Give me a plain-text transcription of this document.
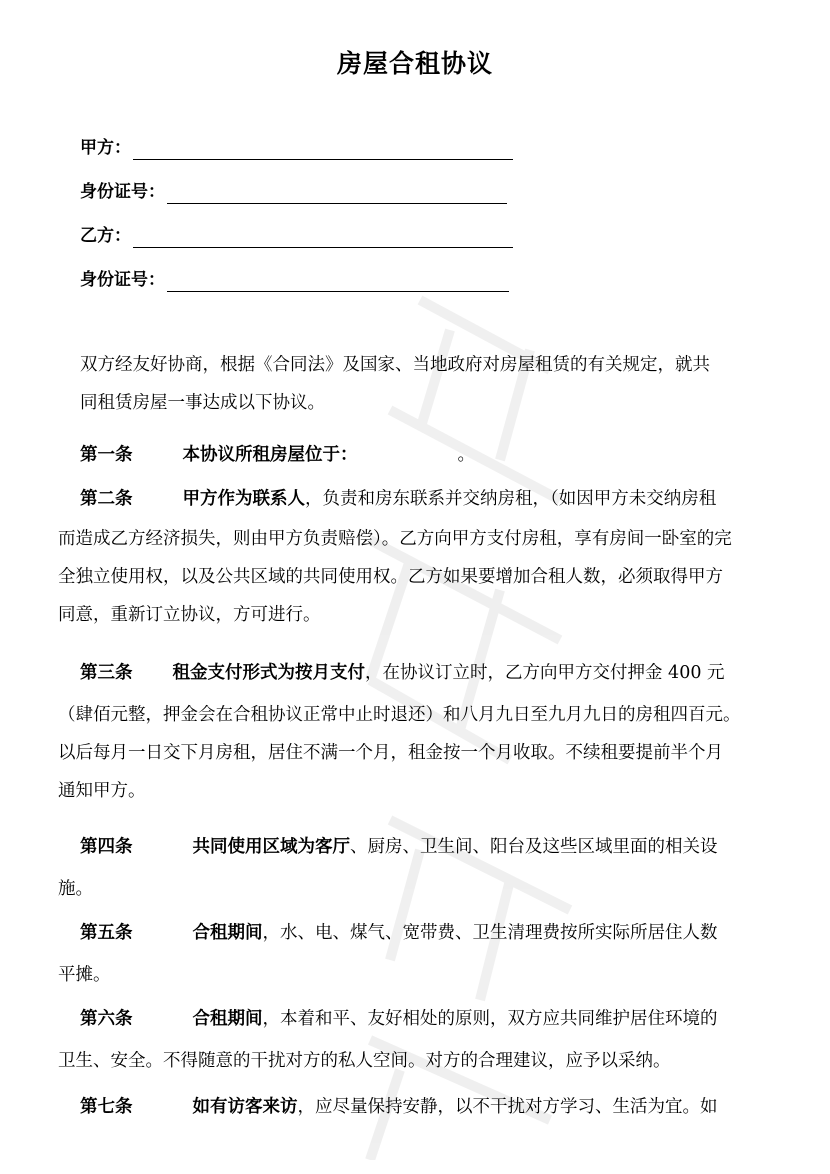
房屋合租协议
甲方：
身份证号：
乙方：
身份证号：
双方经友好协商，根据《合同法》及国家、当地政府对房屋租赁的有关规定，就共
同租赁房屋一事达成以下协议。
第一条	本协议所租房屋位于：	。
第二条	甲方作为联系人，负责和房东联系并交纳房租，（如因甲方未交纳房租
而造成乙方经济损失，则由甲方负责赔偿）。乙方向甲方支付房租，享有房间一卧室的完
全独立使用权，以及公共区域的共同使用权。乙方如果要增加合租人数，必须取得甲方
同意，重新订立协议，方可进行。
第三条 租金支付形式为按月支付，在协议订立时，乙方向甲方交付押金 400 元
（肆佰元整，押金会在合租协议正常中止时退还）和八月九日至九月九日的房租四百元。
以后每月一日交下月房租，居住不满一个月，租金按一个月收取。不续租要提前半个月
通知甲方。
第四条	共同使用区域为客厅、厨房、卫生间、阳台及这些区域里面的相关设
施。
第五条	合租期间，水、电、煤气、宽带费、卫生清理费按所实际所居住人数
平摊。
第六条	合租期间，本着和平、友好相处的原则，双方应共同维护居住环境的
卫生、安全。不得随意的干扰对方的私人空间。对方的合理建议，应予以采纳。
第七条	如有访客来访，应尽量保持安静，以不干扰对方学习、生活为宜。如
